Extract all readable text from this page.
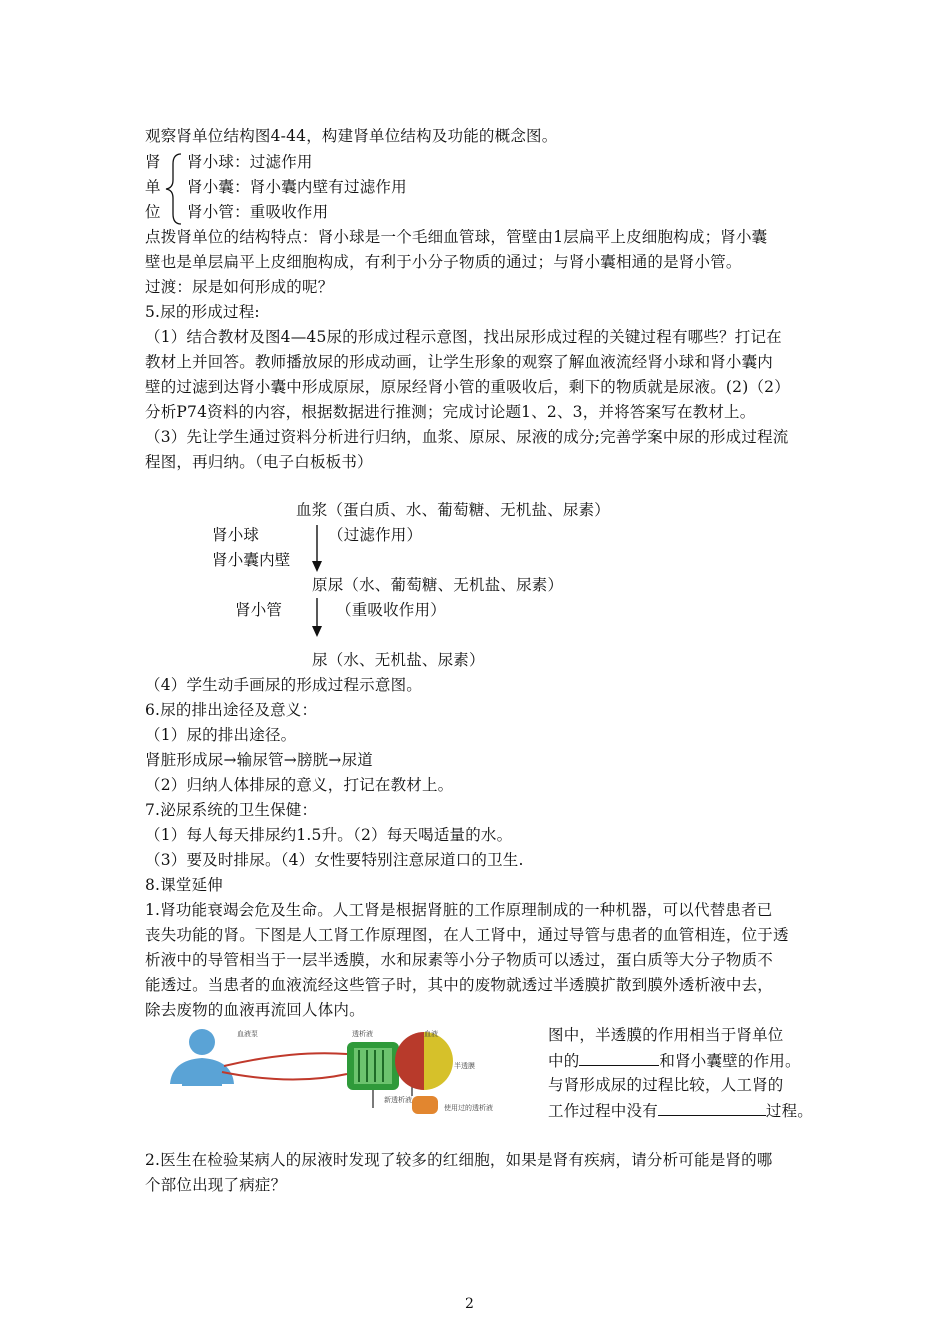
观察肾单位结构图4-44，构建肾单位结构及功能的概念图。
肾
单
位
肾小球：过滤作用
肾小囊：肾小囊内壁有过滤作用
肾小管：重吸收作用
点拨肾单位的结构特点：肾小球是一个毛细血管球，管壁由1层扁平上皮细胞构成；肾小囊
壁也是单层扁平上皮细胞构成，有利于小分子物质的通过；与肾小囊相通的是肾小管。
过渡：尿是如何形成的呢？
5.尿的形成过程:
（1）结合教材及图4—45尿的形成过程示意图，找出尿形成过程的关键过程有哪些？打记在
教材上并回答。教师播放尿的形成动画，让学生形象的观察了解血液流经肾小球和肾小囊内
壁的过滤到达肾小囊中形成原尿，原尿经肾小管的重吸收后，剩下的物质就是尿液。(2)（2）
分析P74资料的内容，根据数据进行推测；完成讨论题1、2、3，并将答案写在教材上。
（3）先让学生通过资料分析进行归纳，血浆、原尿、尿液的成分;完善学案中尿的形成过程流
程图，再归纳。（电子白板板书）
血浆（蛋白质、水、葡萄糖、无机盐、尿素）
肾小球	（过滤作用）
肾小囊内壁
原尿（水、葡萄糖、无机盐、尿素）
肾小管	（重吸收作用）
尿（水、无机盐、尿素）
（4）学生动手画尿的形成过程示意图。
6.尿的排出途径及意义：
（1）尿的排出途径。
肾脏形成尿→输尿管→膀胱→尿道
（2）归纳人体排尿的意义，打记在教材上。
7.泌尿系统的卫生保健：
（1）每人每天排尿约1.5升。（2）每天喝适量的水。
（3）要及时排尿。（4）女性要特别注意尿道口的卫生.
8.课堂延伸
1.肾功能衰竭会危及生命。人工肾是根据肾脏的工作原理制成的一种机器，可以代替患者已
丧失功能的肾。下图是人工肾工作原理图，在人工肾中，通过导管与患者的血管相连，位于透
析液中的导管相当于一层半透膜，水和尿素等小分子物质可以透过，蛋白质等大分子物质不
能透过。当患者的血液流经这些管子时，其中的废物就透过半透膜扩散到膜外透析液中去，
除去废物的血液再流回人体内。
血液泵	透析液	血液
半透膜
新透析液
使用过的透析液
图中，半透膜的作用相当于肾单位
中的	和肾小囊壁的作用。
与肾形成尿的过程比较，人工肾的
工作过程中没有	过程。
2.医生在检验某病人的尿液时发现了较多的红细胞，如果是肾有疾病，请分析可能是肾的哪
个部位出现了病症？
2
